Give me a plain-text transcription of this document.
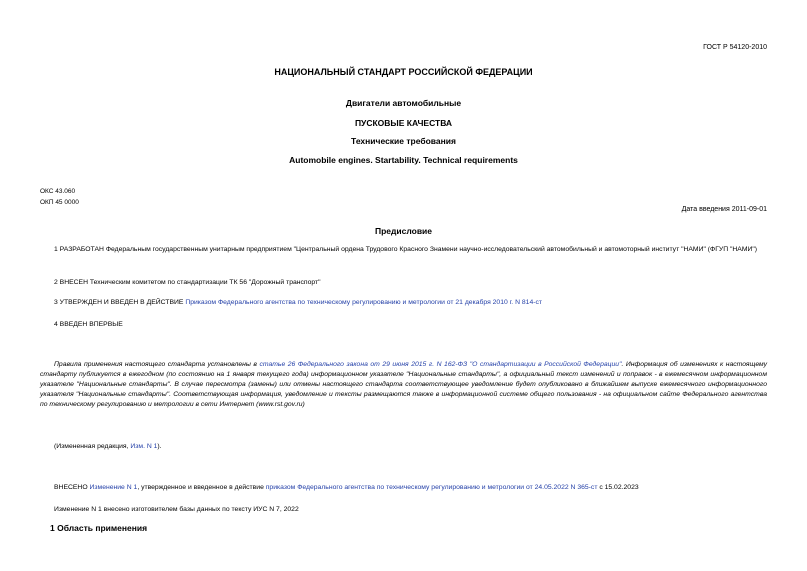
ГОСТ Р 54120-2010
НАЦИОНАЛЬНЫЙ СТАНДАРТ РОССИЙСКОЙ ФЕДЕРАЦИИ
Двигатели автомобильные
ПУСКОВЫЕ КАЧЕСТВА
Технические требования
Automobile engines. Startability. Technical requirements
ОКС 43.060
ОКП 45 0000
Дата введения 2011-09-01
Предисловие
1 РАЗРАБОТАН Федеральным государственным унитарным предприятием "Центральный ордена Трудового Красного Знамени научно-исследовательский автомобильный и автомоторный институт "НАМИ" (ФГУП "НАМИ")
2 ВНЕСЕН Техническим комитетом по стандартизации ТК 56 "Дорожный транспорт"
3 УТВЕРЖДЕН И ВВЕДЕН В ДЕЙСТВИЕ Приказом Федерального агентства по техническому регулированию и метрологии от 21 декабря 2010 г. N 814-ст
4 ВВЕДЕН ВПЕРВЫЕ
Правила применения настоящего стандарта установлены в статье 26 Федерального закона от 29 июня 2015 г. N 162-ФЗ "О стандартизации в Российской Федерации". Информация об изменениях к настоящему стандарту публикуется в ежегодном (по состоянию на 1 января текущего года) информационном указателе "Национальные стандарты", а официальный текст изменений и поправок - в ежемесячном информационном указателе "Национальные стандарты". В случае пересмотра (замены) или отмены настоящего стандарта соответствующее уведомление будет опубликовано в ближайшем выпуске ежемесячного информационного указателя "Национальные стандарты". Соответствующая информация, уведомление и тексты размещаются также в информационной системе общего пользования - на официальном сайте Федерального агентства по техническому регулированию и метрологии в сети Интернет (www.rst.gov.ru)
(Измененная редакция, Изм. N 1).
ВНЕСЕНО Изменение N 1, утвержденное и введенное в действие приказом Федерального агентства по техническому регулированию и метрологии от 24.05.2022 N 365-ст с 15.02.2023
Изменение N 1 внесено изготовителем базы данных по тексту ИУС N 7, 2022
1 Область применения
